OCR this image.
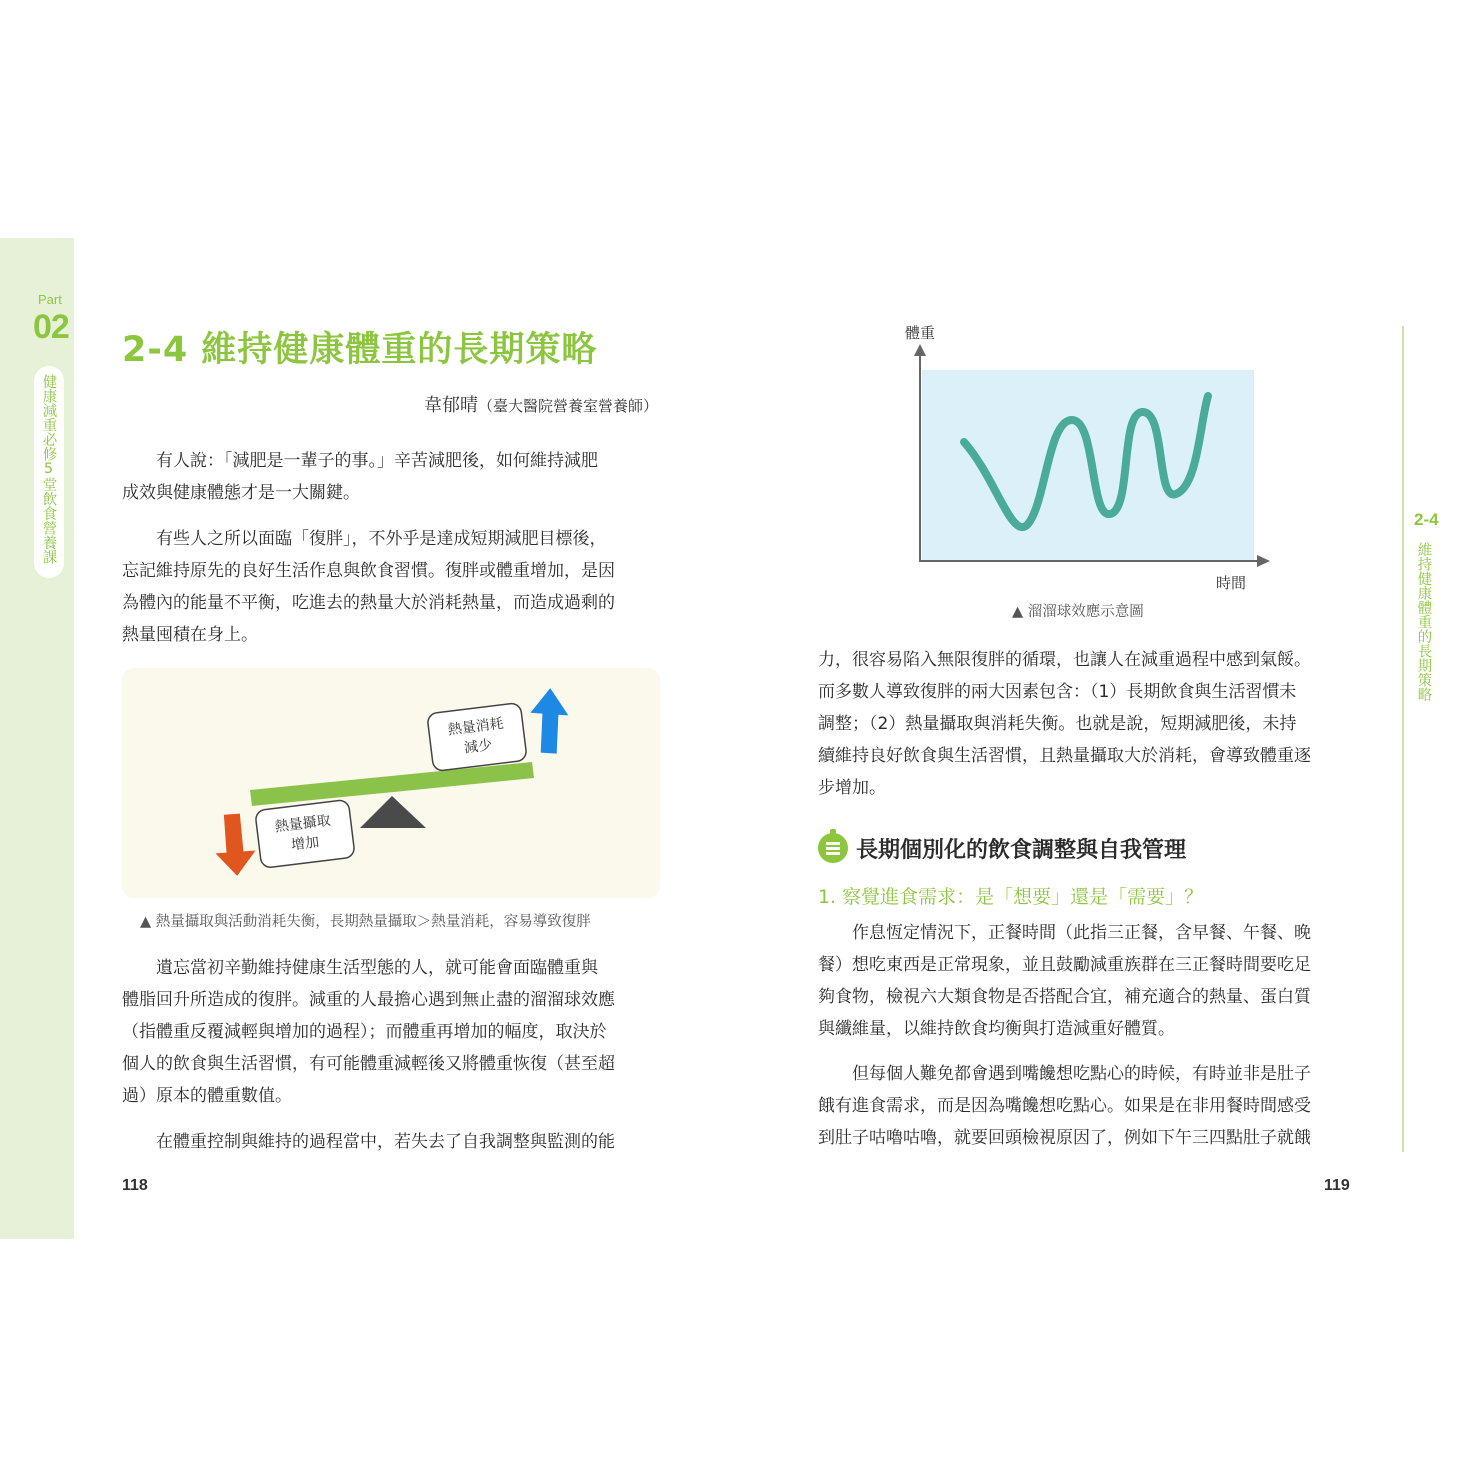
Part
02
健康減重必修5堂飲食營養課
2-4 維持健康體重的長期策略
韋郁晴（臺大醫院營養室營養師）
　　有人說：「減肥是一輩子的事。」辛苦減肥後，如何維持減肥
成效與健康體態才是一大關鍵。
　　有些人之所以面臨「復胖」，不外乎是達成短期減肥目標後，
忘記維持原先的良好生活作息與飲食習慣。復胖或體重增加，是因
為體內的能量不平衡，吃進去的熱量大於消耗熱量，而造成過剩的
熱量囤積在身上。
熱量消耗
減少
熱量攝取
增加
▲ 熱量攝取與活動消耗失衡，長期熱量攝取＞熱量消耗，容易導致復胖
　　遺忘當初辛勤維持健康生活型態的人，就可能會面臨體重與
體脂回升所造成的復胖。減重的人最擔心遇到無止盡的溜溜球效應
（指體重反覆減輕與增加的過程）；而體重再增加的幅度，取決於
個人的飲食與生活習慣，有可能體重減輕後又將體重恢復（甚至超
過）原本的體重數值。
　　在體重控制與維持的過程當中，若失去了自我調整與監測的能
118
體重
時間
▲ 溜溜球效應示意圖
力，很容易陷入無限復胖的循環，也讓人在減重過程中感到氣餒。
而多數人導致復胖的兩大因素包含：（1）長期飲食與生活習慣未
調整；（2）熱量攝取與消耗失衡。也就是說，短期減肥後，未持
續維持良好飲食與生活習慣，且熱量攝取大於消耗，會導致體重逐
步增加。
長期個別化的飲食調整與自我管理
1. 察覺進食需求：是「想要」還是「需要」？
　　作息恆定情況下，正餐時間（此指三正餐，含早餐、午餐、晚
餐）想吃東西是正常現象，並且鼓勵減重族群在三正餐時間要吃足
夠食物，檢視六大類食物是否搭配合宜，補充適合的熱量、蛋白質
與纖維量，以維持飲食均衡與打造減重好體質。
　　但每個人難免都會遇到嘴饞想吃點心的時候，有時並非是肚子
餓有進食需求，而是因為嘴饞想吃點心。如果是在非用餐時間感受
到肚子咕嚕咕嚕，就要回頭檢視原因了，例如下午三四點肚子就餓
119
2-4
維持健康體重的長期策略
